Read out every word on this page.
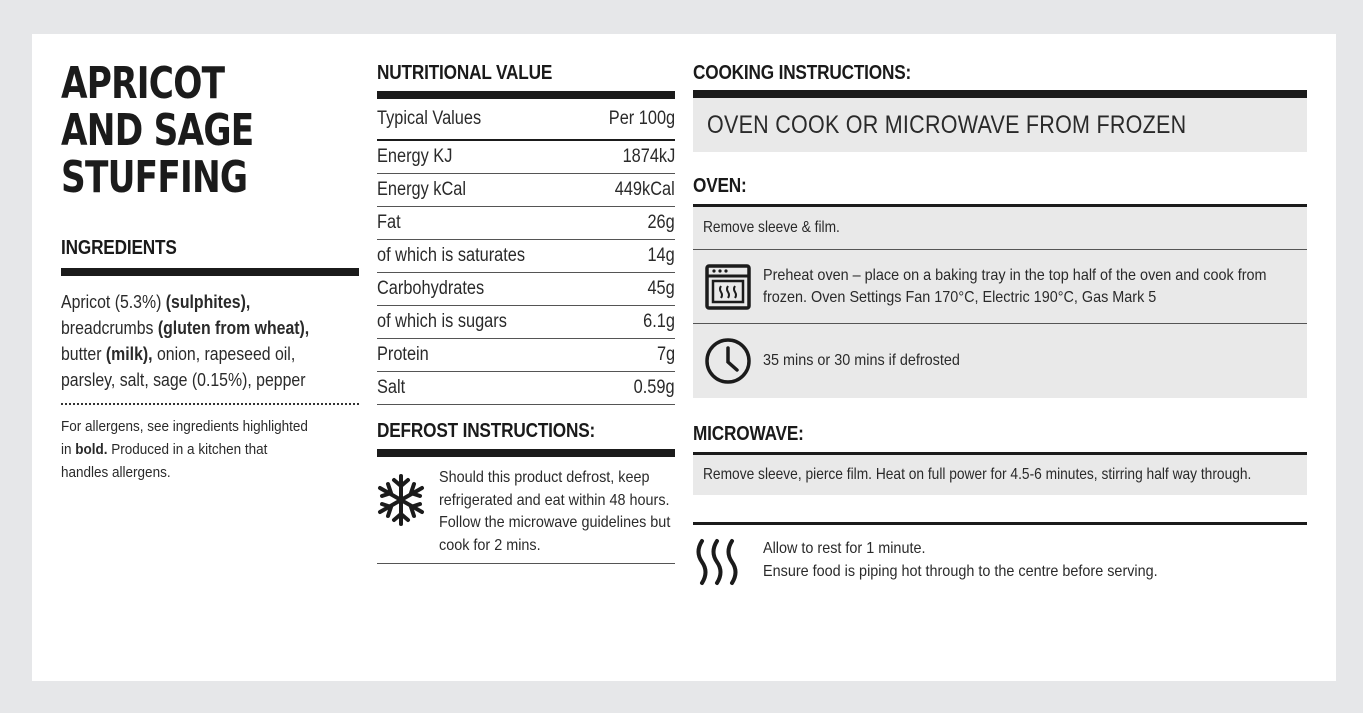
APRICOT
AND SAGE
STUFFING
INGREDIENTS
Apricot (5.3%) (sulphites),
breadcrumbs (gluten from wheat),
butter (milk), onion, rapeseed oil,
parsley, salt, sage (0.15%), pepper
For allergens, see ingredients highlighted
in bold. Produced in a kitchen that
handles allergens.
NUTRITIONAL VALUE
Typical Values	Per 100g
Energy KJ	1874kJ
Energy kCal	449kCal
Fat	26g
of which is saturates	14g
Carbohydrates	45g
of which is sugars	6.1g
Protein	7g
Salt	0.59g
DEFROST INSTRUCTIONS:
Should this product defrost, keep
refrigerated and eat within 48 hours.
Follow the microwave guidelines but
cook for 2 mins.
COOKING INSTRUCTIONS:
OVEN COOK OR MICROWAVE FROM FROZEN
OVEN:
Remove sleeve & film.
Preheat oven – place on a baking tray in the top half of the oven and cook from
frozen. Oven Settings Fan 170°C, Electric 190°C, Gas Mark 5
35 mins or 30 mins if defrosted
MICROWAVE:
Remove sleeve, pierce film. Heat on full power for 4.5-6 minutes, stirring half way through.
Allow to rest for 1 minute.
Ensure food is piping hot through to the centre before serving.
